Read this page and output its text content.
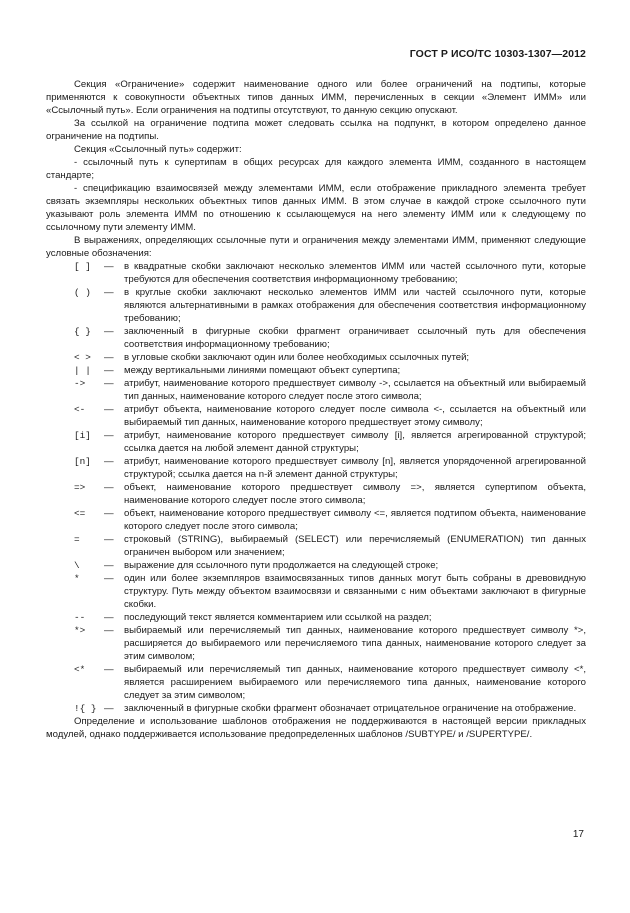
ГОСТ Р ИСО/ТС 10303-1307—2012

Секция «Ограничение» содержит наименование одного или более ограничений на подтипы, которые применяются к совокупности объектных типов данных ИММ, перечисленных в секции «Элемент ИММ» или «Ссылочный путь». Если ограничения на подтипы отсутствуют, то данную секцию опускают.

За ссылкой на ограничение подтипа может следовать ссылка на подпункт, в котором определено данное ограничение на подтипы.

Секция «Ссылочный путь» содержит:

- ссылочный путь к супертипам в общих ресурсах для каждого элемента ИММ, созданного в настоящем стандарте;

- спецификацию взаимосвязей между элементами ИММ, если отображение прикладного элемента требует связать экземпляры нескольких объектных типов данных ИММ. В этом случае в каждой строке ссылочного пути указывают роль элемента ИММ по отношению к ссылающемуся на него элементу ИММ или к следующему по ссылочному пути элементу ИММ.

В выражениях, определяющих ссылочные пути и ограничения между элементами ИММ, применяют следующие условные обозначения:

[ ]	—	в квадратные скобки заключают несколько элементов ИММ или частей ссылочного пути, которые требуются для обеспечения соответствия информационному требованию;
( )	—	в круглые скобки заключают несколько элементов ИММ или частей ссылочного пути, которые являются альтернативными в рамках отображения для обеспечения соответствия информационному требованию;
{ }	—	заключенный в фигурные скобки фрагмент ограничивает ссылочный путь для обеспечения соответствия информационному требованию;
< >	—	в угловые скобки заключают один или более необходимых ссылочных путей;
| |	—	между вертикальными линиями помещают объект супертипа;
->	—	атрибут, наименование которого предшествует символу ->, ссылается на объектный или выбираемый тип данных, наименование которого следует после этого символа;
<-	—	атрибут объекта, наименование которого следует после символа <-, ссылается на объектный или выбираемый тип данных, наименование которого предшествует этому символу;
[i]	—	атрибут, наименование которого предшествует символу [i], является агрегированной структурой; ссылка дается на любой элемент данной структуры;
[n]	—	атрибут, наименование которого предшествует символу [n], является упорядоченной агрегированной структурой; ссылка дается на n-й элемент данной структуры;
=>	—	объект, наименование которого предшествует символу =>, является супертипом объекта, наименование которого следует после этого символа;
<=	—	объект, наименование которого предшествует символу <=, является подтипом объекта, наименование которого следует после этого символа;
=	—	строковый (STRING), выбираемый (SELECT) или перечисляемый (ENUMERATION) тип данных ограничен выбором или значением;
\	—	выражение для ссылочного пути продолжается на следующей строке;
*	—	один или более экземпляров взаимосвязанных типов данных могут быть собраны в древовидную структуру. Путь между объектом взаимосвязи и связанными с ним объектами заключают в фигурные скобки.
--	—	последующий текст является комментарием или ссылкой на раздел;
*>	—	выбираемый или перечисляемый тип данных, наименование которого предшествует символу *>, расширяется до выбираемого или перечисляемого типа данных, наименование которого следует за этим символом;
<*	—	выбираемый или перечисляемый тип данных, наименование которого предшествует символу <*, является расширением выбираемого или перечисляемого типа данных, наименование которого следует за этим символом;
!{ } —	заключенный в фигурные скобки фрагмент обозначает отрицательное ограничение на отображение.

Определение и использование шаблонов отображения не поддерживаются в настоящей версии прикладных модулей, однако поддерживается использование предопределенных шаблонов /SUBTYPE/ и /SUPERTYPE/.

17
